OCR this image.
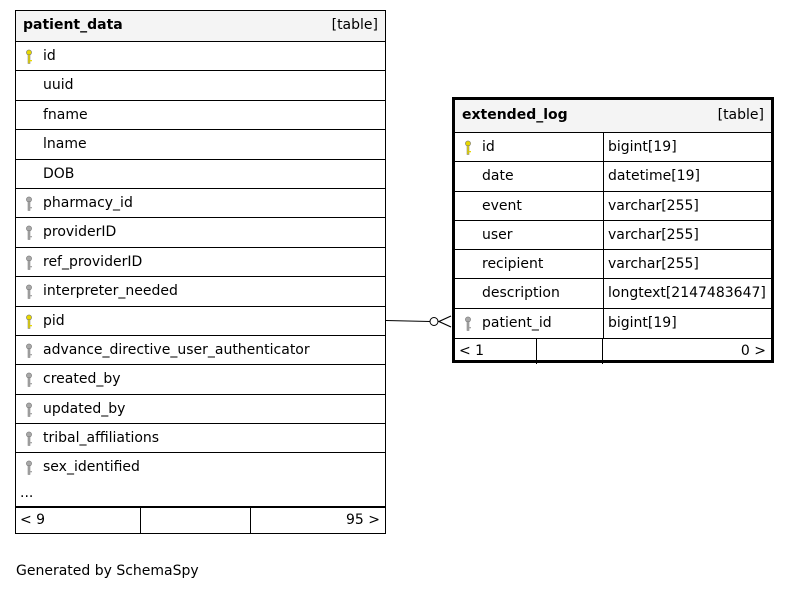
patient_data	[table]
id
uuid
fname
lname
DOB
pharmacy_id
providerID
ref_providerID
interpreter_needed
pid
advance_directive_user_authenticator
created_by
updated_by
tribal_affiliations
sex_identified
...
< 9	95 >
extended_log	[table]
id	bigint[19]
date	datetime[19]
event	varchar[255]
user	varchar[255]
recipient	varchar[255]
description	longtext[2147483647]
patient_id	bigint[19]
< 1	0 >
Generated by SchemaSpy
